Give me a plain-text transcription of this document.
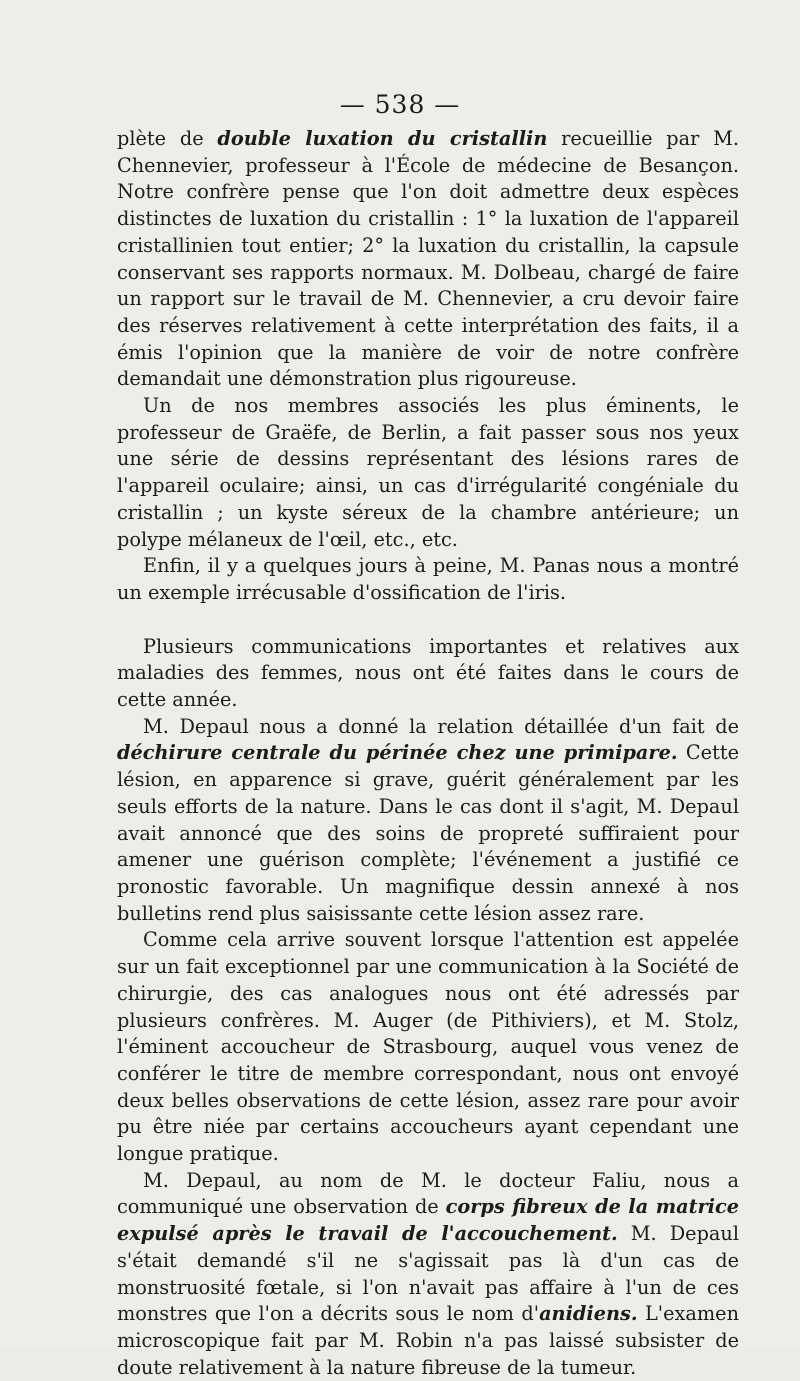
— 538 —

plète de double luxation du cristallin recueillie par M. Chennevier, professeur à l'École de médecine de Besançon. Notre confrère pense que l'on doit admettre deux espèces distinctes de luxation du cristallin : 1° la luxation de l'appareil cristallinien tout entier; 2° la luxation du cristallin, la capsule conservant ses rapports normaux. M. Dolbeau, chargé de faire un rapport sur le travail de M. Chennevier, a cru devoir faire des réserves relativement à cette interprétation des faits, il a émis l'opinion que la manière de voir de notre confrère demandait une démonstration plus rigoureuse.

Un de nos membres associés les plus éminents, le professeur de Graëfe, de Berlin, a fait passer sous nos yeux une série de dessins représentant des lésions rares de l'appareil oculaire; ainsi, un cas d'irrégularité congéniale du cristallin ; un kyste séreux de la chambre antérieure; un polype mélaneux de l'œil, etc., etc.

Enfin, il y a quelques jours à peine, M. Panas nous a montré un exemple irrécusable d'ossification de l'iris.

Plusieurs communications importantes et relatives aux maladies des femmes, nous ont été faites dans le cours de cette année.

M. Depaul nous a donné la relation détaillée d'un fait de déchirure centrale du périnée chez une primipare. Cette lésion, en apparence si grave, guérit généralement par les seuls efforts de la nature. Dans le cas dont il s'agit, M. Depaul avait annoncé que des soins de propreté suffiraient pour amener une guérison complète; l'événement a justifié ce pronostic favorable. Un magnifique dessin annexé à nos bulletins rend plus saisissante cette lésion assez rare.

Comme cela arrive souvent lorsque l'attention est appelée sur un fait exceptionnel par une communication à la Société de chirurgie, des cas analogues nous ont été adressés par plusieurs confrères. M. Auger (de Pithiviers), et M. Stolz, l'éminent accoucheur de Strasbourg, auquel vous venez de conférer le titre de membre correspondant, nous ont envoyé deux belles observations de cette lésion, assez rare pour avoir pu être niée par certains accoucheurs ayant cependant une longue pratique.

M. Depaul, au nom de M. le docteur Faliu, nous a communiqué une observation de corps fibreux de la matrice expulsé après le travail de l'accouchement. M. Depaul s'était demandé s'il ne s'agissait pas là d'un cas de monstruosité fœtale, si l'on n'avait pas affaire à l'un de ces monstres que l'on a décrits sous le nom d'anidiens. L'examen microscopique fait par M. Robin n'a pas laissé subsister de doute relativement à la nature fibreuse de la tumeur.
